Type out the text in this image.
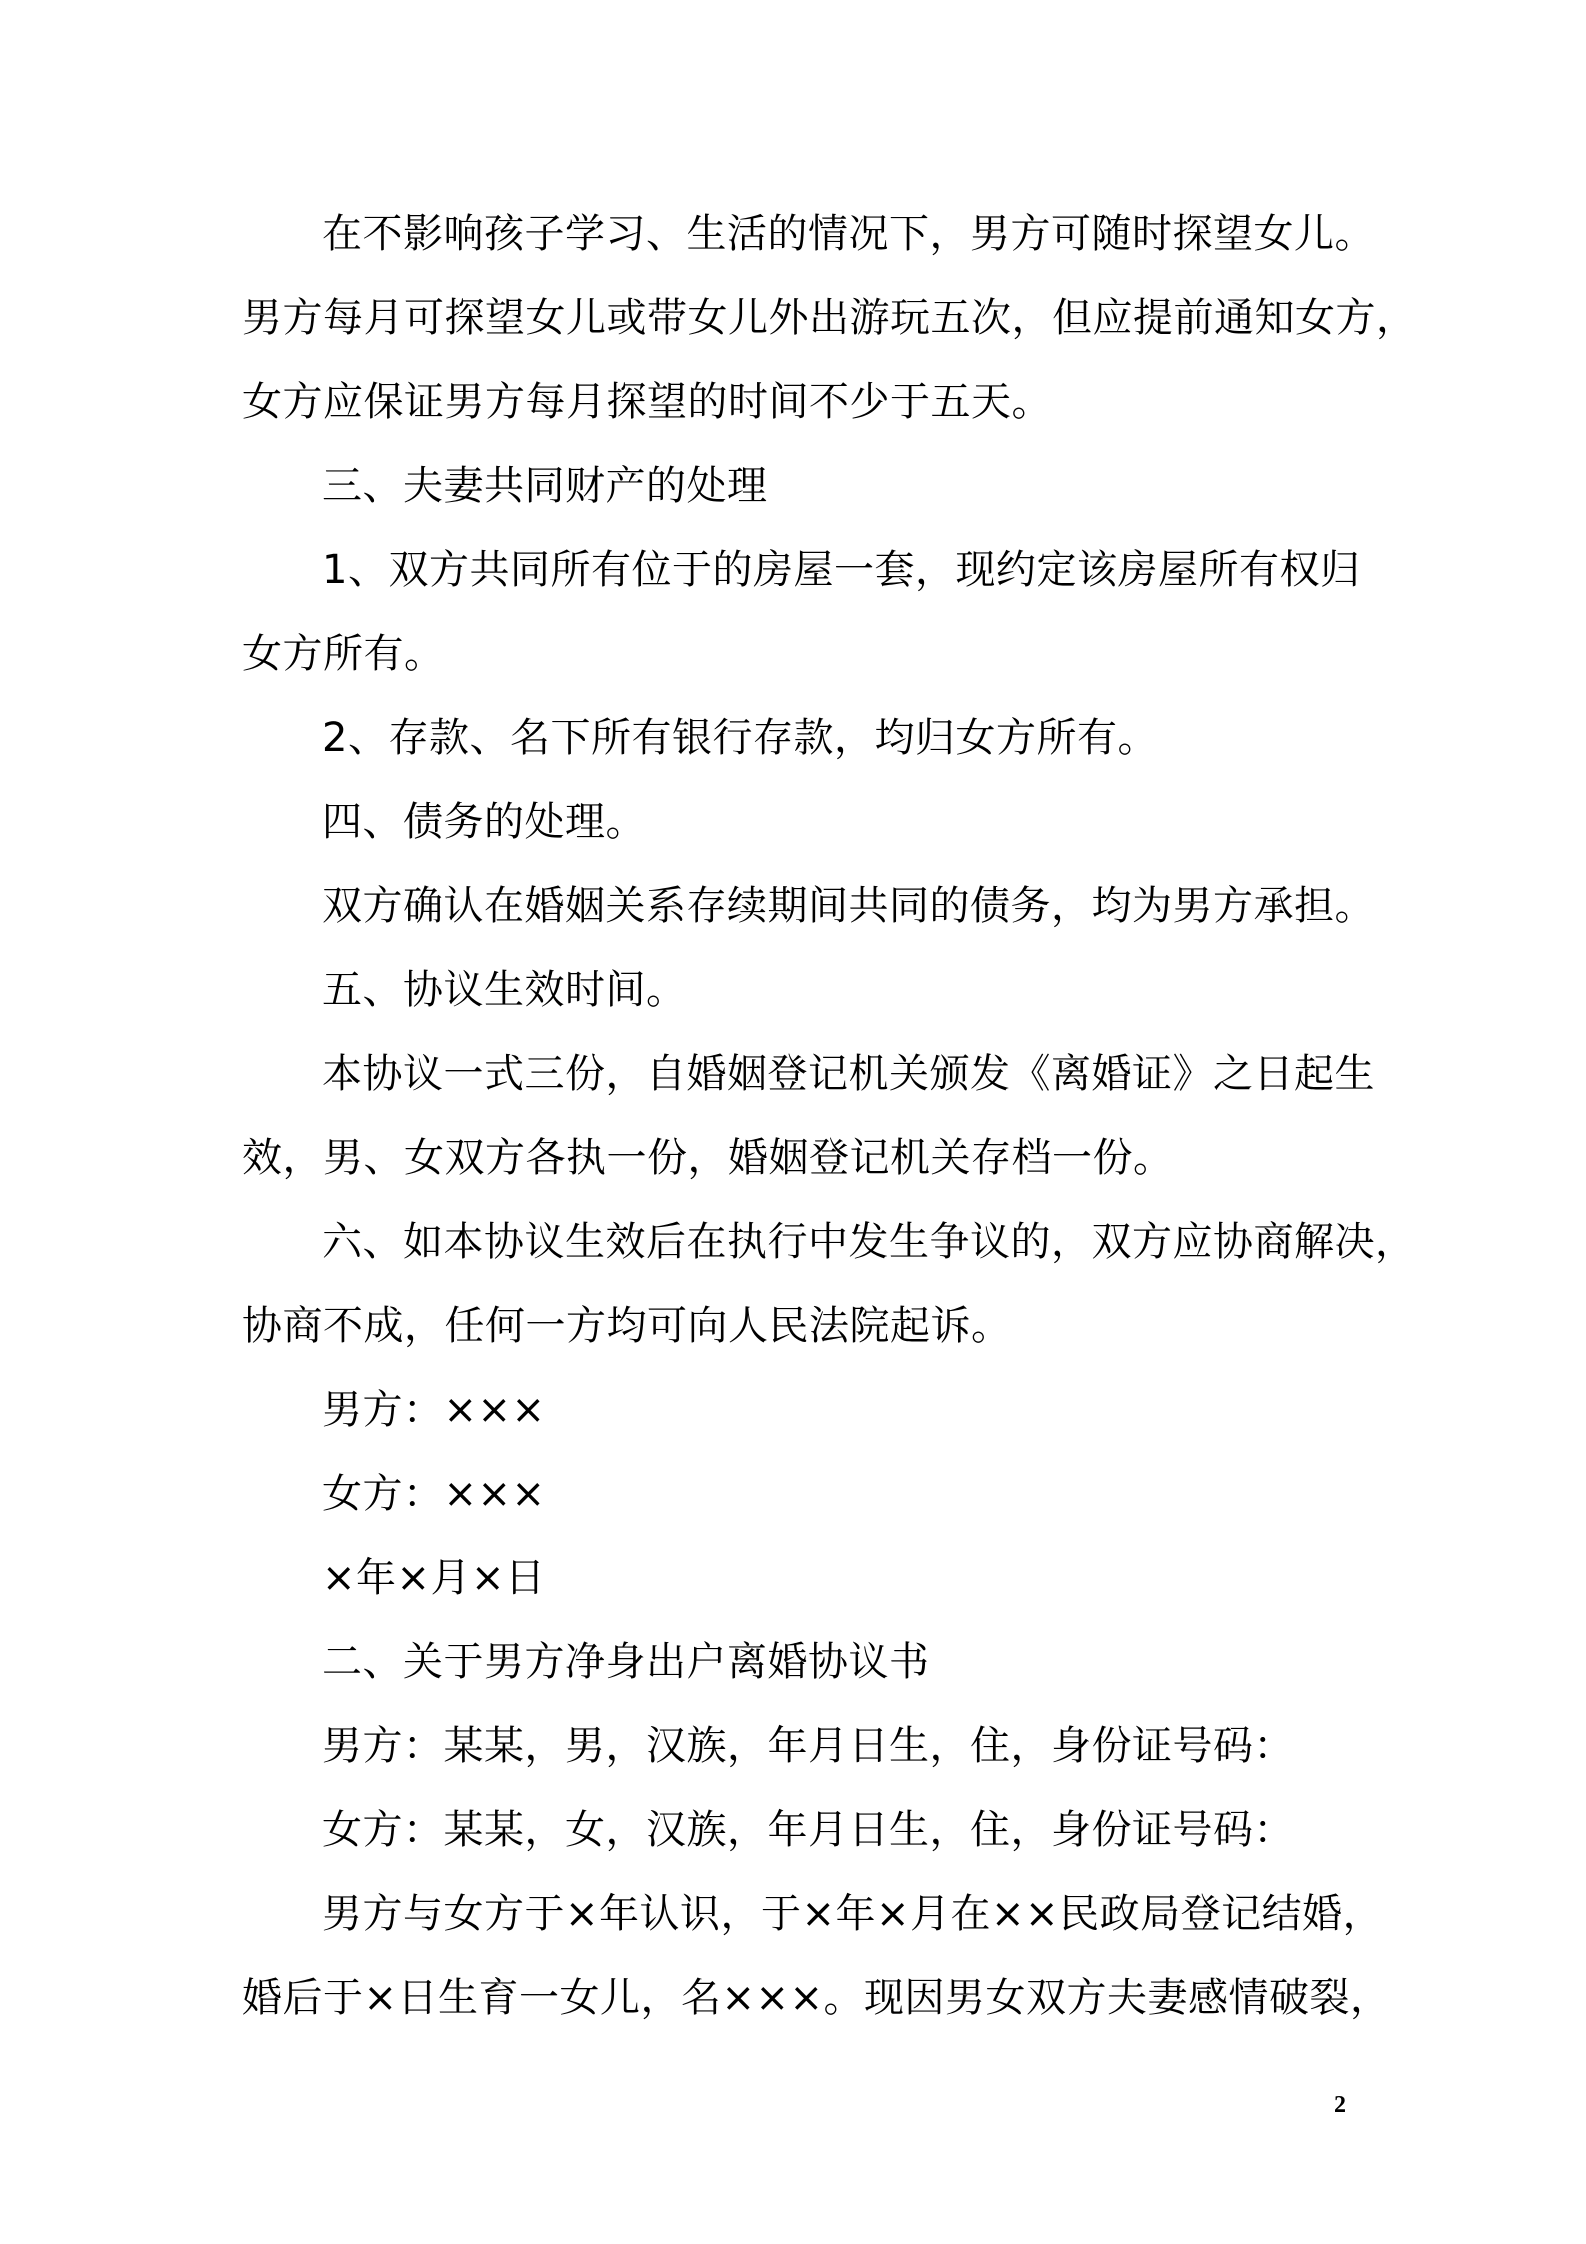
在不影响孩子学习、生活的情况下，男方可随时探望女儿。
男方每月可探望女儿或带女儿外出游玩五次，但应提前通知女方，
女方应保证男方每月探望的时间不少于五天。
三、夫妻共同财产的处理
1、双方共同所有位于的房屋一套，现约定该房屋所有权归
女方所有。
2、存款、名下所有银行存款，均归女方所有。
四、债务的处理。
双方确认在婚姻关系存续期间共同的债务，均为男方承担。
五、协议生效时间。
本协议一式三份，自婚姻登记机关颁发《离婚证》之日起生
效，男、女双方各执一份，婚姻登记机关存档一份。
六、如本协议生效后在执行中发生争议的，双方应协商解决，
协商不成，任何一方均可向人民法院起诉。
男方：×××
女方：×××
×年×月×日
二、关于男方净身出户离婚协议书
男方：某某，男，汉族，年月日生，住，身份证号码：
女方：某某，女，汉族，年月日生，住，身份证号码：
男方与女方于×年认识，于×年×月在××民政局登记结婚，
婚后于×日生育一女儿，名×××。现因男女双方夫妻感情破裂，
2
